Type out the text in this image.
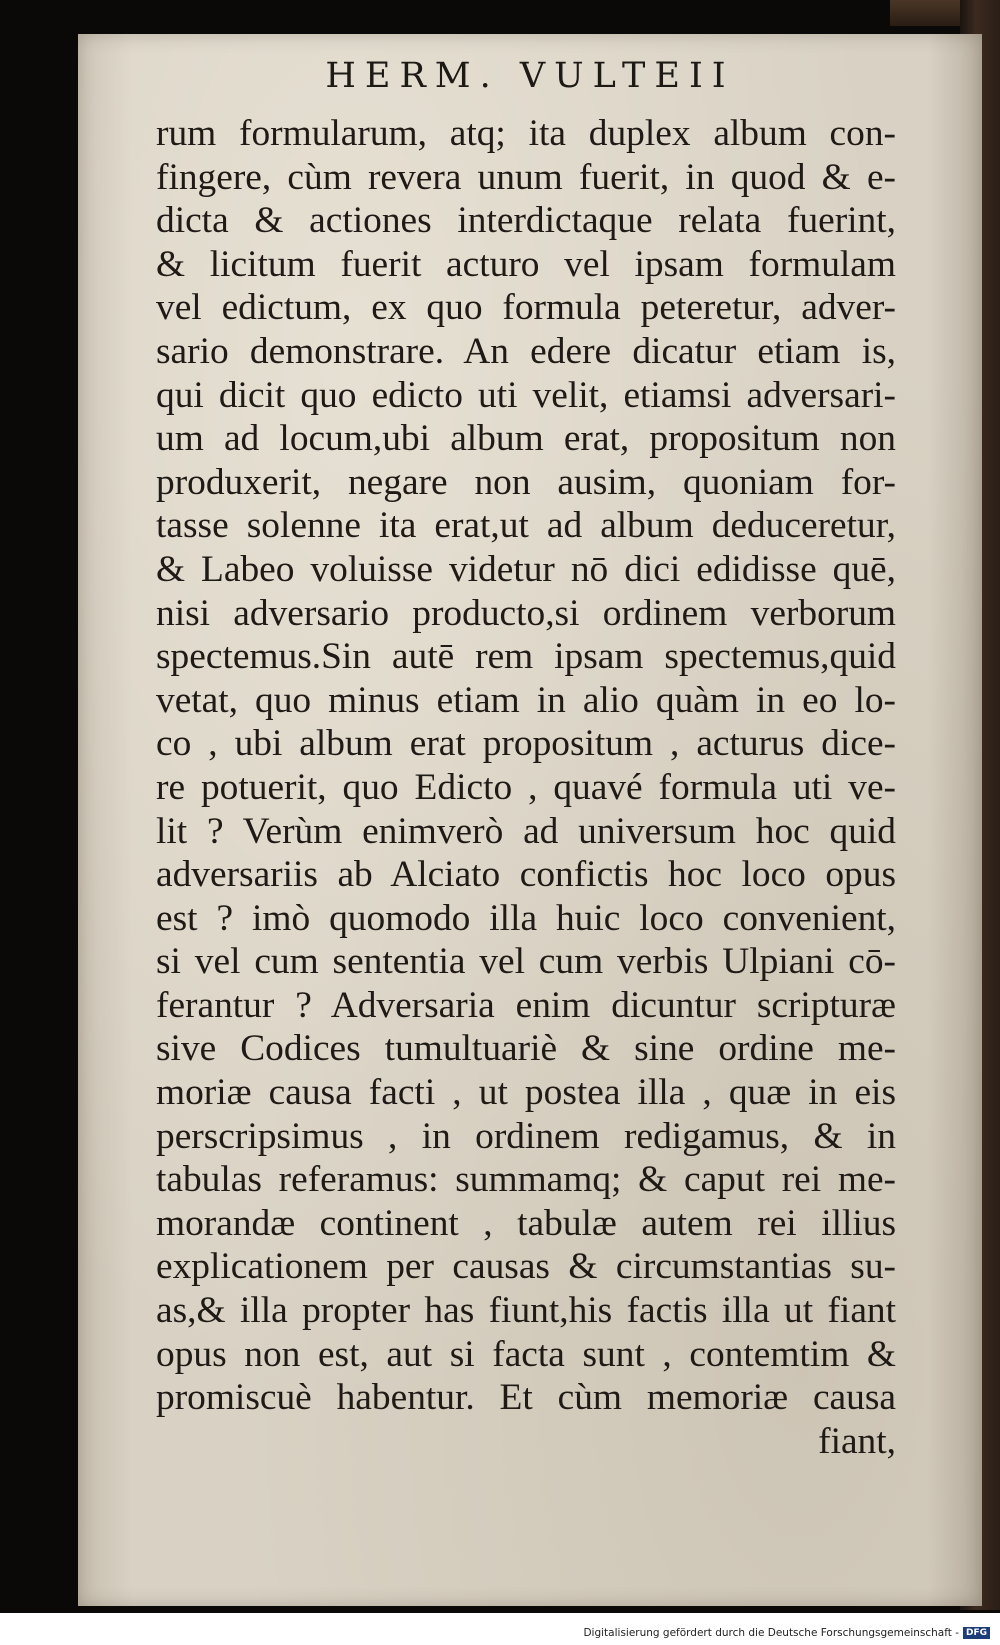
HERM. VULTEII
rum formularum, atq; ita duplex album con-
fingere, cùm revera unum fuerit, in quod & e-
dicta & actiones interdictaque relata fuerint,
& licitum fuerit acturo vel ipsam formulam
vel edictum, ex quo formula peteretur, adver-
sario demonstrare. An edere dicatur etiam is,
qui dicit quo edicto uti velit, etiamsi adversari-
um ad locum,ubi album erat, propositum non
produxerit, negare non ausim, quoniam for-
tasse solenne ita erat,ut ad album deduceretur,
& Labeo voluisse videtur nō dici edidisse quē,
nisi adversario producto,si ordinem verborum
spectemus.Sin autē rem ipsam spectemus,quid
vetat, quo minus etiam in alio quàm in eo lo-
co , ubi album erat propositum , acturus dice-
re potuerit, quo Edicto , quavé formula uti ve-
lit ? Verùm enimverò ad universum hoc quid
adversariis ab Alciato confictis hoc loco opus
est ? imò quomodo illa huic loco convenient,
si vel cum sententia vel cum verbis Ulpiani cō-
ferantur ? Adversaria enim dicuntur scripturæ
sive Codices tumultuariè & sine ordine me-
moriæ causa facti , ut postea illa , quæ in eis
perscripsimus , in ordinem redigamus, & in
tabulas referamus: summamq; & caput rei me-
morandæ continent , tabulæ autem rei illius
explicationem per causas & circumstantias su-
as,& illa propter has fiunt,his factis illa ut fiant
opus non est, aut si facta sunt , contemtim &
promiscuè habentur. Et cùm memoriæ causa
fiant,
Digitalisierung gefördert durch die Deutsche Forschungsgemeinschaft - DFG
